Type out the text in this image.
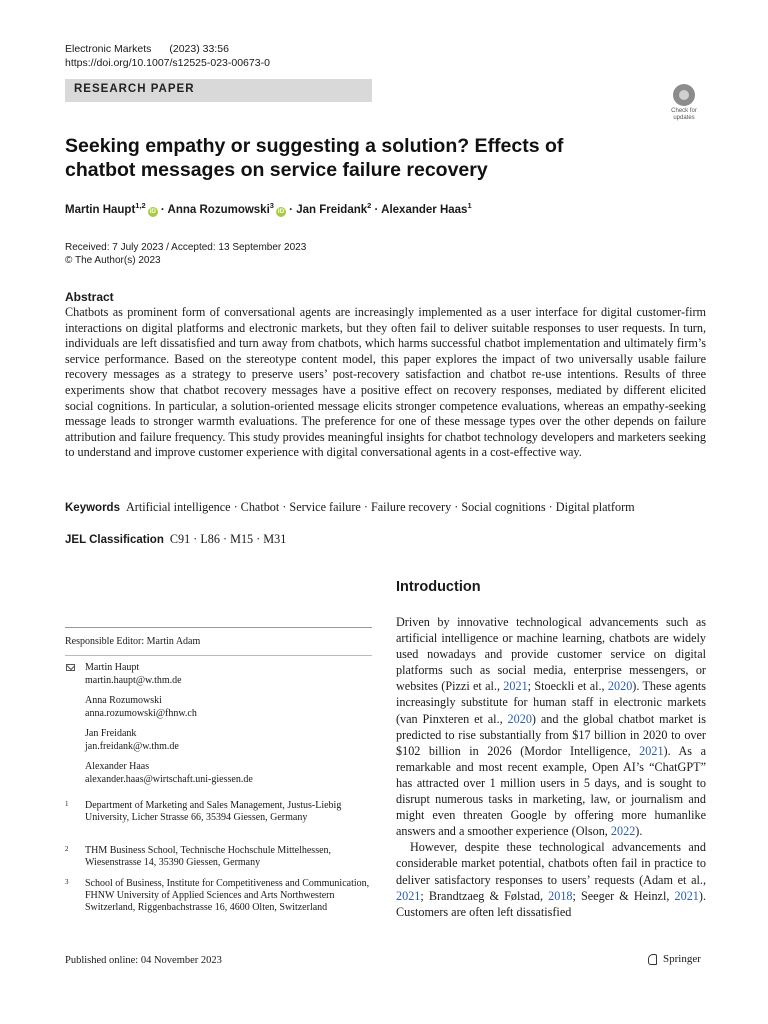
Electronic Markets (2023) 33:56
https://doi.org/10.1007/s12525-023-00673-0
RESEARCH PAPER
Check for updates
Seeking empathy or suggesting a solution? Effects of chatbot messages on service failure recovery
Martin Haupt$^{1,2}$iD · Anna Rozumowski$^3$iD · Jan Freidank$^2$ · Alexander Haas$^1$
Received: 7 July 2023 / Accepted: 13 September 2023
© The Author(s) 2023
Abstract
Chatbots as prominent form of conversational agents are increasingly implemented as a user interface for digital customer-firm interactions on digital platforms and electronic markets, but they often fail to deliver suitable responses to user requests. In turn, individuals are left dissatisfied and turn away from chatbots, which harms successful chatbot implementation and ultimately firm’s service performance. Based on the stereotype content model, this paper explores the impact of two universally usable failure recovery messages as a strategy to preserve users’ post-recovery satisfaction and chatbot re-use intentions. Results of three experiments show that chatbot recovery messages have a positive effect on recovery responses, mediated by different elicited social cognitions. In particular, a solution-oriented message elicits stronger competence evaluations, whereas an empathy-seeking message leads to stronger warmth evaluations. The preference for one of these message types over the other depends on failure attribution and failure frequency. This study provides meaningful insights for chatbot technology developers and marketers seeking to understand and improve customer experience with digital conversational agents in a cost-effective way.
Keywords Artificial intelligence · Chatbot · Service failure · Failure recovery · Social cognitions · Digital platform
JEL Classification C91 · L86 · M15 · M31
Introduction

Driven by innovative technological advancements such as artificial intelligence or machine learning, chatbots are widely used nowadays and provide customer service on digital platforms such as social media, enterprise messengers, or websites (Pizzi et al., 2021; Stoeckli et al., 2020). These agents increasingly substitute for human staff in electronic markets (van Pinxteren et al., 2020) and the global chatbot market is predicted to rise substantially from $17 billion in 2020 to over $102 billion in 2026 (Mordor Intelligence, 2021). As a remarkable and most recent example, Open AI’s “ChatGPT” has attracted over 1 million users in 5 days, and is sought to disrupt numerous tasks in marketing, law, or journalism and might even threaten Google by offering more humanlike answers and a smoother experience (Olson, 2022).

However, despite these technological advancements and considerable market potential, chatbots often fail in practice to deliver satisfactory responses to users’ requests (Adam et al., 2021; Brandtzaeg & Følstad, 2018; Seeger & Heinzl, 2021). Customers are often left dissatisfied

Responsible Editor: Martin Adam
Martin Haupt
martin.haupt@w.thm.de
Anna Rozumowski
anna.rozumowski@fhnw.ch
Jan Freidank
jan.freidank@w.thm.de
Alexander Haas
alexander.haas@wirtschaft.uni-giessen.de
1 Department of Marketing and Sales Management, Justus-Liebig University, Licher Strasse 66, 35394 Giessen, Germany
2 THM Business School, Technische Hochschule Mittelhessen, Wiesenstrasse 14, 35390 Giessen, Germany
3 School of Business, Institute for Competitiveness and Communication, FHNW University of Applied Sciences and Arts Northwestern Switzerland, Riggenbachstrasse 16, 4600 Olten, Switzerland
Published online: 04 November 2023	Springer
